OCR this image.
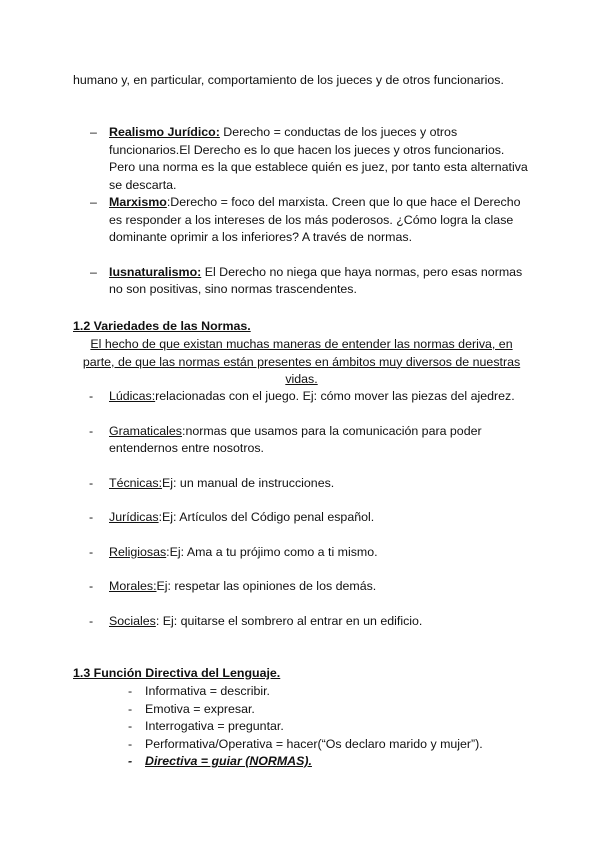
humano y, en particular, comportamiento de los jueces y de otros funcionarios.
– Realismo Jurídico: Derecho = conductas de los jueces y otros funcionarios.El Derecho es lo que hacen los jueces y otros funcionarios. Pero una norma es la que establece quién es juez, por tanto esta alternativa se descarta.
– Marxismo:Derecho = foco del marxista. Creen que lo que hace el Derecho es responder a los intereses de los más poderosos. ¿Cómo logra la clase dominante oprimir a los inferiores? A través de normas.
– Iusnaturalismo: El Derecho no niega que haya normas, pero esas normas no son positivas, sino normas trascendentes.
1.2 Variedades de las Normas.
El hecho de que existan muchas maneras de entender las normas deriva, en parte, de que las normas están presentes en ámbitos muy diversos de nuestras vidas.
- Lúdicas:relacionadas con el juego. Ej: cómo mover las piezas del ajedrez.
- Gramaticales:normas que usamos para la comunicación para poder entendernos entre nosotros.
- Técnicas:Ej: un manual de instrucciones.
- Jurídicas:Ej: Artículos del Código penal español.
- Religiosas:Ej: Ama a tu prójimo como a ti mismo.
- Morales:Ej: respetar las opiniones de los demás.
- Sociales: Ej: quitarse el sombrero al entrar en un edificio.
1.3 Función Directiva del Lenguaje.
- Informativa = describir.
- Emotiva = expresar.
- Interrogativa = preguntar.
- Performativa/Operativa = hacer(“Os declaro marido y mujer”).
- Directiva = guiar (NORMAS).
